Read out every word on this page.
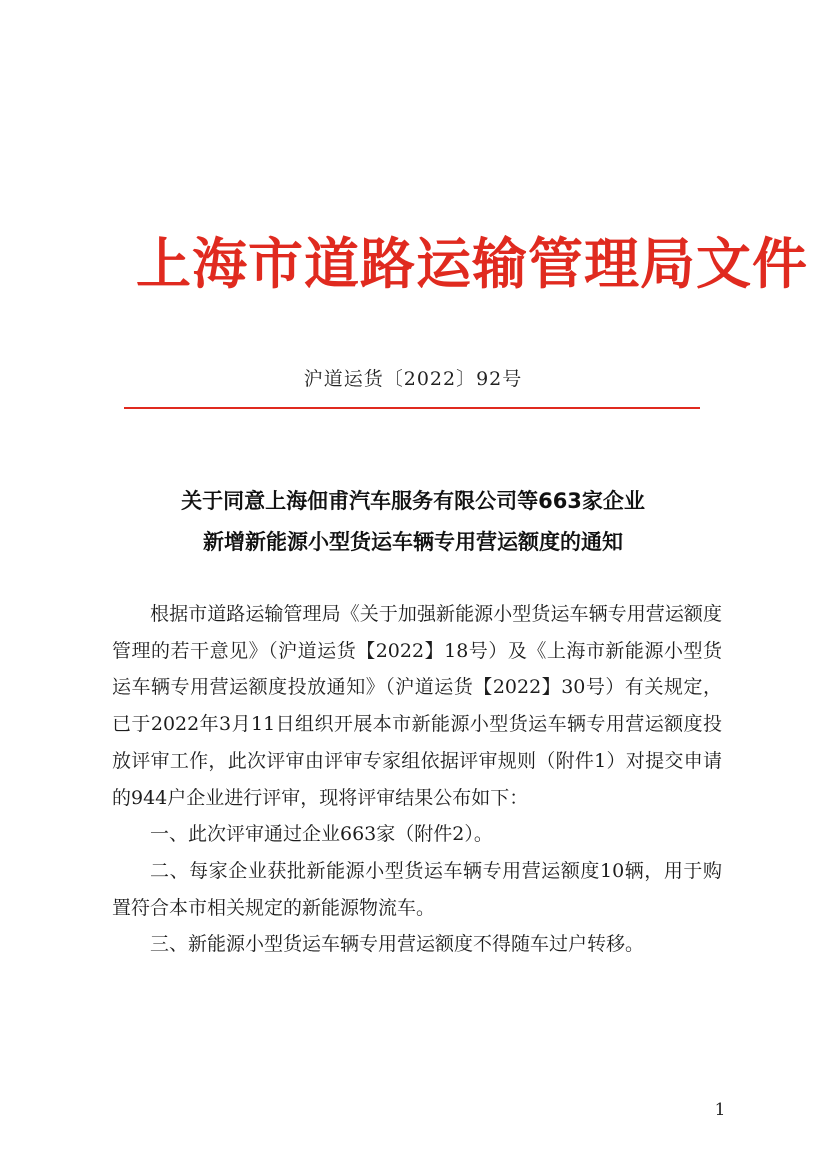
上海市道路运输管理局文件
沪道运货〔2022〕92号
关于同意上海佃甫汽车服务有限公司等663家企业
新增新能源小型货运车辆专用营运额度的通知

根据市道路运输管理局《关于加强新能源小型货运车辆专用营运额度管理的若干意见》（沪道运货【2022】18号）及《上海市新能源小型货运车辆专用营运额度投放通知》（沪道运货【2022】30号）有关规定，已于2022年3月11日组织开展本市新能源小型货运车辆专用营运额度投放评审工作，此次评审由评审专家组依据评审规则（附件1）对提交申请的944户企业进行评审，现将评审结果公布如下：

一、此次评审通过企业663家（附件2）。

二、每家企业获批新能源小型货运车辆专用营运额度10辆，用于购置符合本市相关规定的新能源物流车。

三、新能源小型货运车辆专用营运额度不得随车过户转移。

1
